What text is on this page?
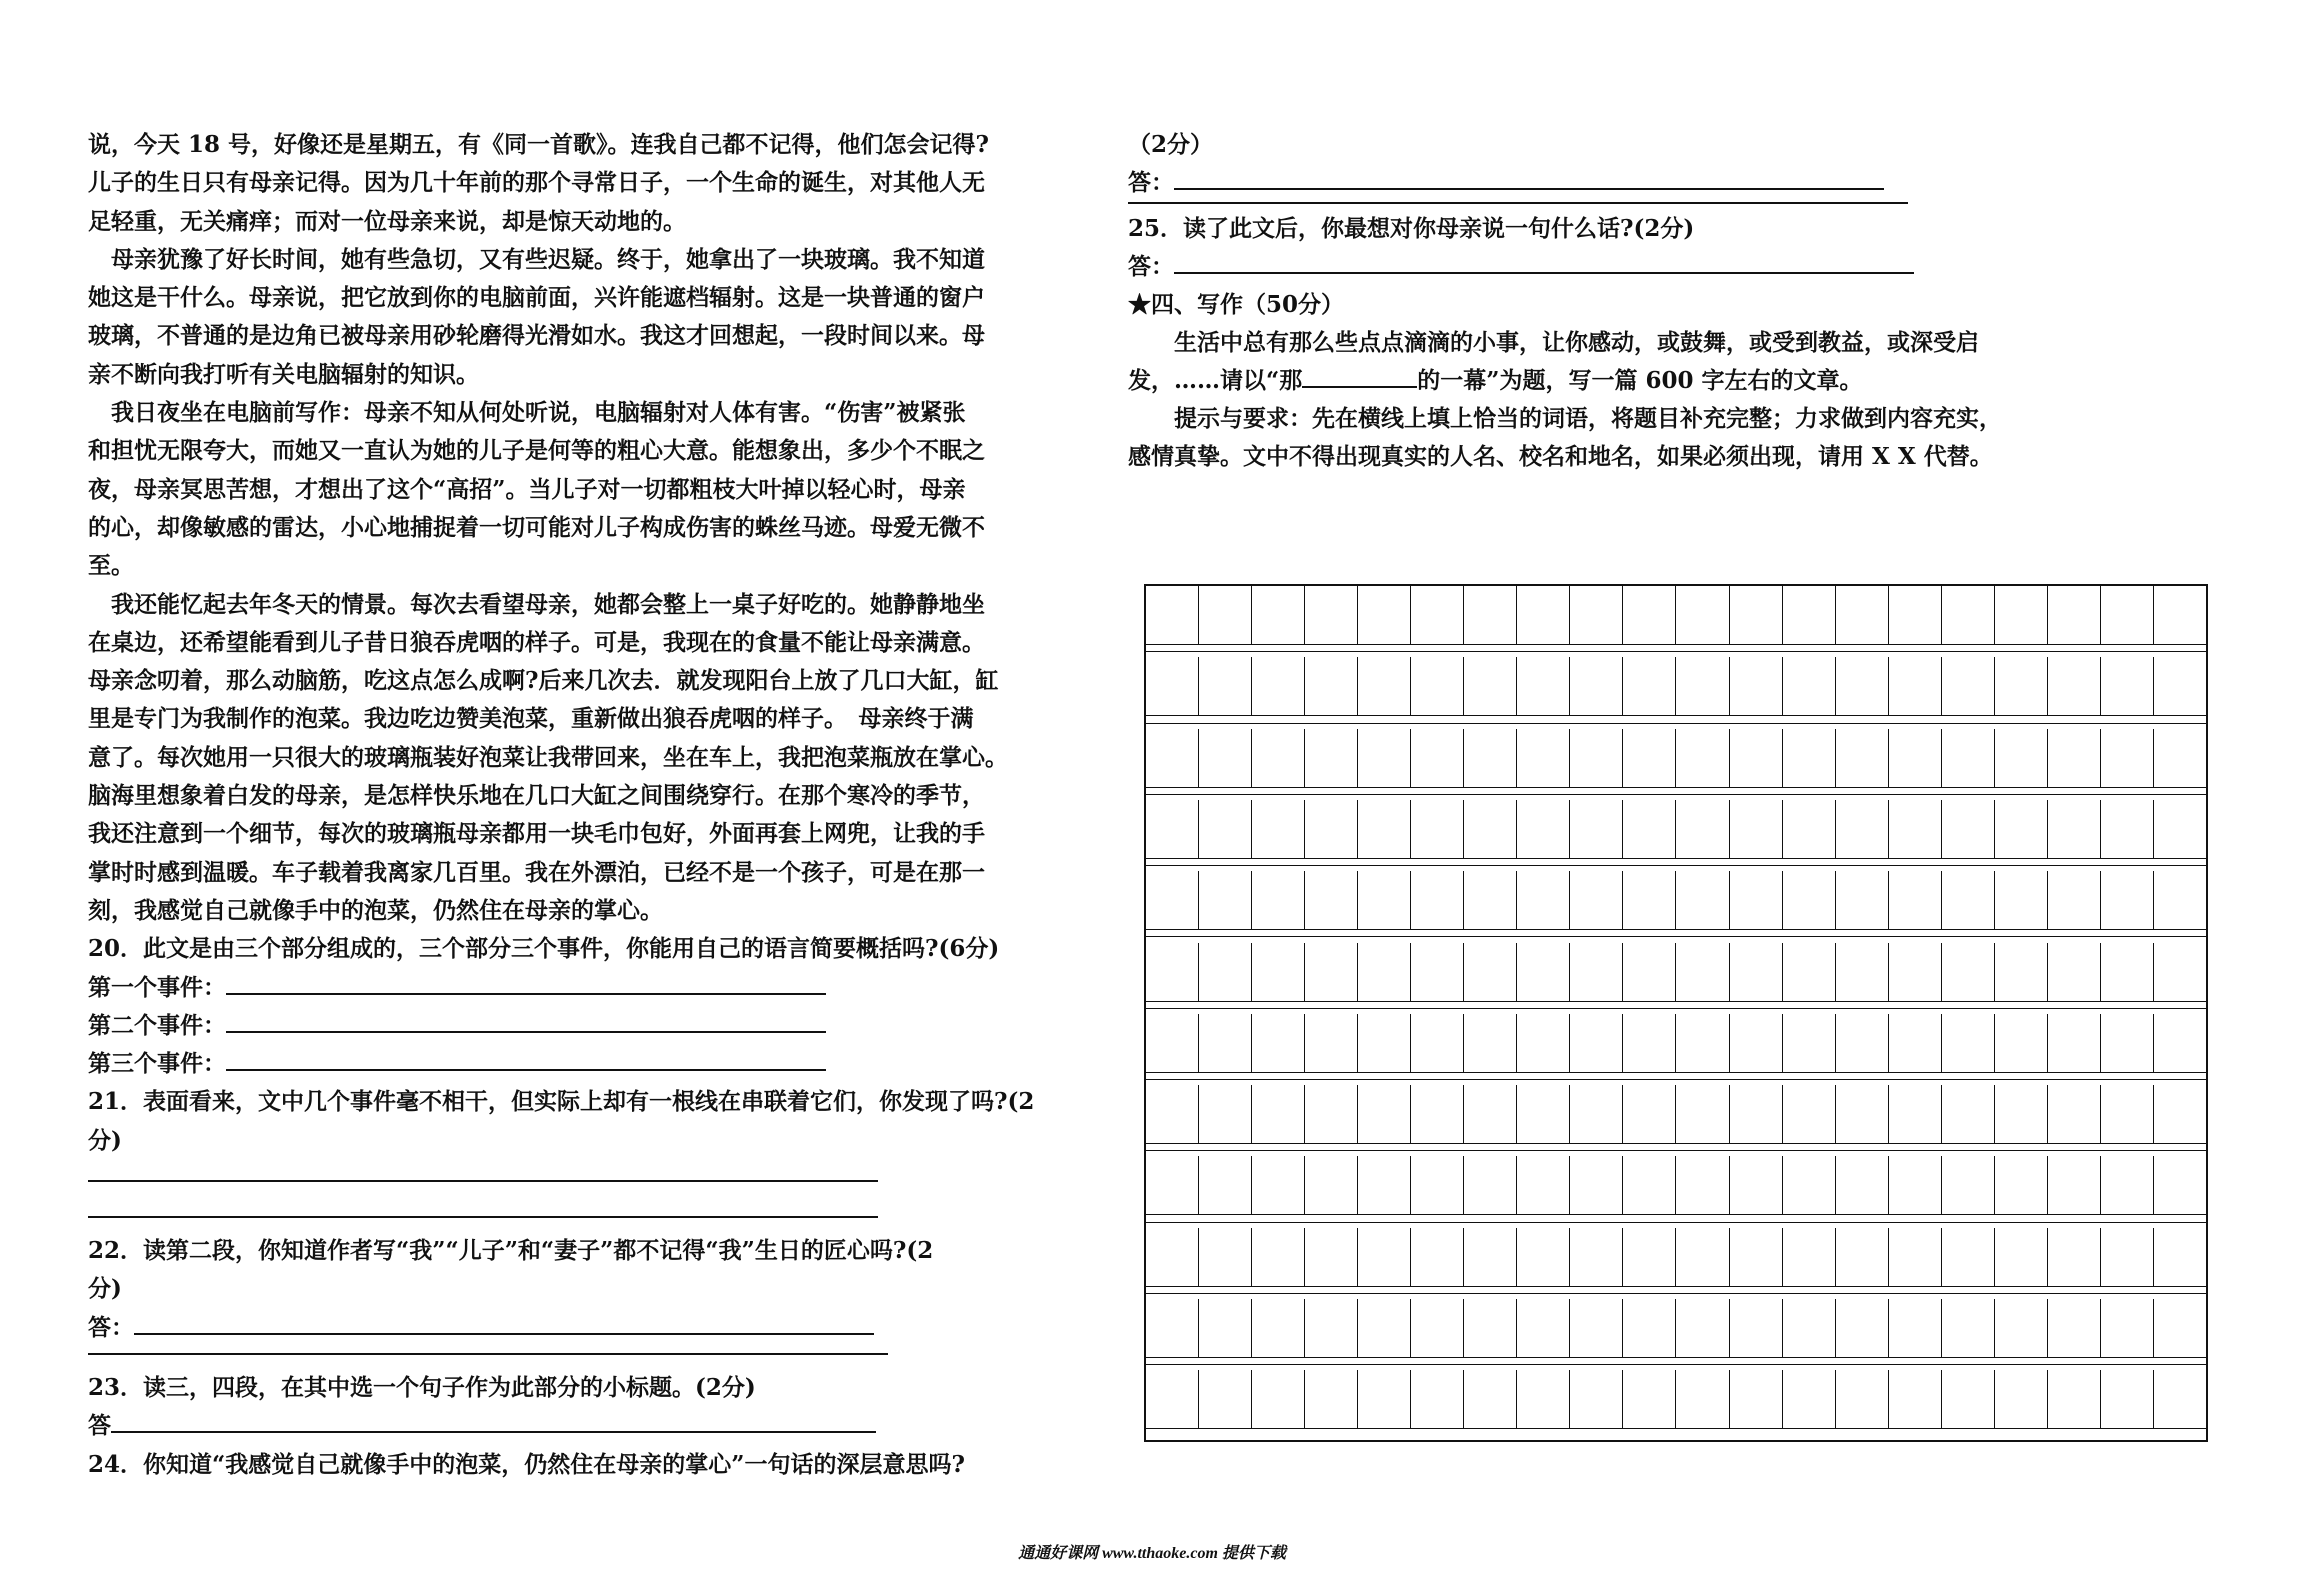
说，今天 18 号，好像还是星期五，有《同一首歌》。连我自己都不记得，他们怎会记得?
儿子的生日只有母亲记得。因为几十年前的那个寻常日子，一个生命的诞生，对其他人无
足轻重，无关痛痒；而对一位母亲来说，却是惊天动地的。
　母亲犹豫了好长时间，她有些急切，又有些迟疑。终于，她拿出了一块玻璃。我不知道
她这是干什么。母亲说，把它放到你的电脑前面，兴许能遮档辐射。这是一块普通的窗户
玻璃，不普通的是边角已被母亲用砂轮磨得光滑如水。我这才回想起，一段时间以来。母
亲不断向我打听有关电脑辐射的知识。
　我日夜坐在电脑前写作：母亲不知从何处听说，电脑辐射对人体有害。“伤害”被紧张
和担忧无限夸大，而她又一直认为她的儿子是何等的粗心大意。能想象出，多少个不眠之
夜，母亲冥思苦想，才想出了这个“高招”。当儿子对一切都粗枝大叶掉以轻心时，母亲
的心，却像敏感的雷达，小心地捕捉着一切可能对儿子构成伤害的蛛丝马迹。母爱无微不
至。
　我还能忆起去年冬天的情景。每次去看望母亲，她都会整上一桌子好吃的。她静静地坐
在桌边，还希望能看到儿子昔日狼吞虎咽的样子。可是，我现在的食量不能让母亲满意。
母亲念叨着，那么动脑筋，吃这点怎么成啊?后来几次去．就发现阳台上放了几口大缸，缸
里是专门为我制作的泡菜。我边吃边赞美泡菜，重新做出狼吞虎咽的样子。　母亲终于满
意了。每次她用一只很大的玻璃瓶装好泡菜让我带回来，坐在车上，我把泡菜瓶放在掌心。
脑海里想象着白发的母亲，是怎样快乐地在几口大缸之间围绕穿行。在那个寒冷的季节，
我还注意到一个细节，每次的玻璃瓶母亲都用一块毛巾包好，外面再套上网兜，让我的手
掌时时感到温暖。车子载着我离家几百里。我在外漂泊，已经不是一个孩子，可是在那一
刻，我感觉自己就像手中的泡菜，仍然住在母亲的掌心。
20．此文是由三个部分组成的，三个部分三个事件，你能用自己的语言简要概括吗?(6分)
第一个事件：
第二个事件：
第三个事件：
21．表面看来，文中几个事件毫不相干，但实际上却有一根线在串联着它们，你发现了吗?(2
分)
22．读第二段，你知道作者写“我”“儿子”和“妻子”都不记得“我”生日的匠心吗?(2
分)
答：
23．读三，四段，在其中选一个句子作为此部分的小标题。(2分)
答
24．你知道“我感觉自己就像手中的泡菜，仍然住在母亲的掌心”一句话的深层意思吗?
（2分）
答：
25．读了此文后，你最想对你母亲说一句什么话?(2分)
答：
★四、写作（50分）
　　生活中总有那么些点点滴滴的小事，让你感动，或鼓舞，或受到教益，或深受启
发，……请以“那	的一幕”为题，写一篇 600 字左右的文章。
　　提示与要求：先在横线上填上恰当的词语，将题目补充完整；力求做到内容充实，
感情真挚。文中不得出现真实的人名、校名和地名，如果必须出现，请用 X X 代替。
通通好课网 www.tthaoke.com 提供下载
